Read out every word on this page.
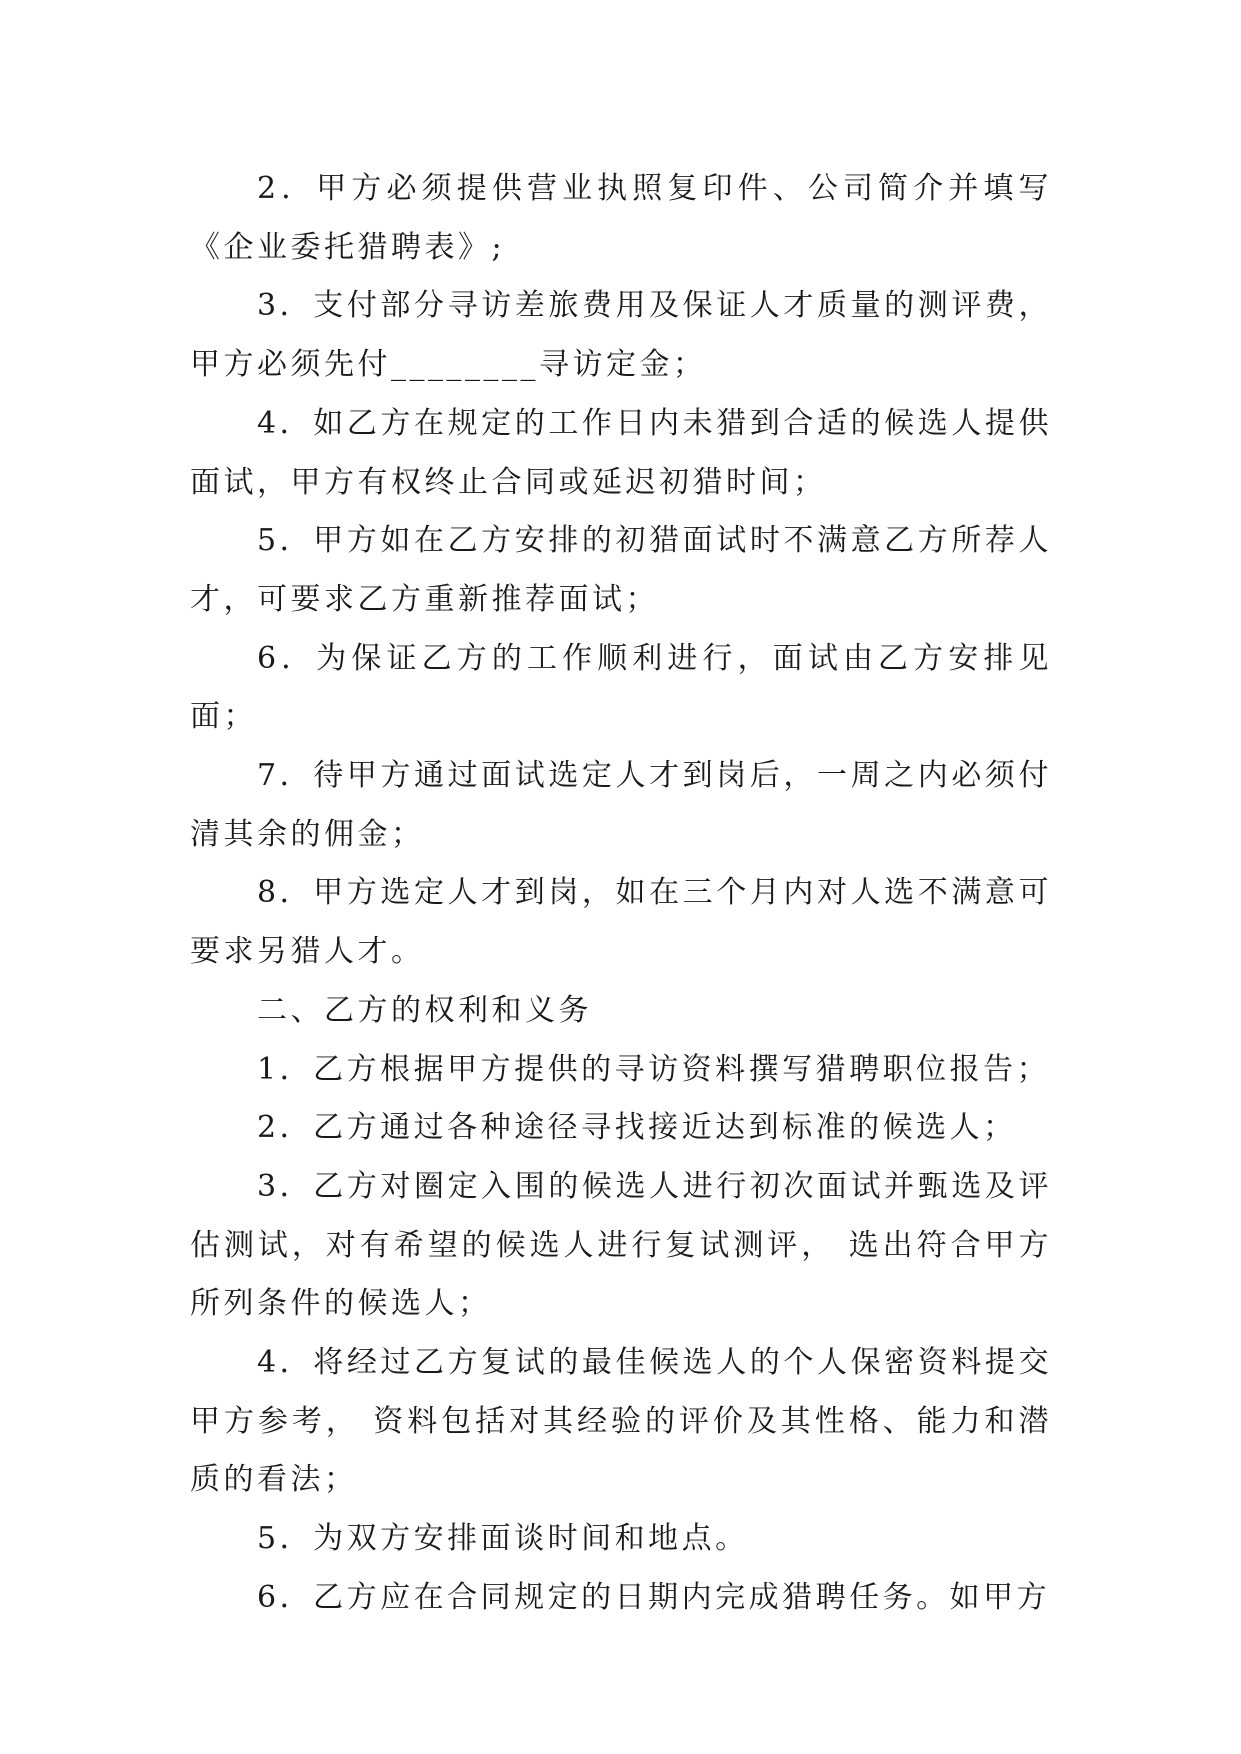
2．甲方必须提供营业执照复印件、公司简介并填写《企业委托猎聘表》;

3．支付部分寻访差旅费用及保证人才质量的测评费，甲方必须先付________寻访定金；

4．如乙方在规定的工作日内未猎到合适的候选人提供面试，甲方有权终止合同或延迟初猎时间；

5．甲方如在乙方安排的初猎面试时不满意乙方所荐人才，可要求乙方重新推荐面试；

6．为保证乙方的工作顺利进行，面试由乙方安排见面；

7．待甲方通过面试选定人才到岗后，一周之内必须付清其余的佣金；

8．甲方选定人才到岗，如在三个月内对人选不满意可要求另猎人才。

二、乙方的权利和义务

1．乙方根据甲方提供的寻访资料撰写猎聘职位报告；

2．乙方通过各种途径寻找接近达到标准的候选人；

3．乙方对圈定入围的候选人进行初次面试并甄选及评估测试，对有希望的候选人进行复试测评， 选出符合甲方所列条件的候选人；

4．将经过乙方复试的最佳候选人的个人保密资料提交甲方参考， 资料包括对其经验的评价及其性格、能力和潜质的看法；

5．为双方安排面谈时间和地点。

6．乙方应在合同规定的日期内完成猎聘任务。如甲方
